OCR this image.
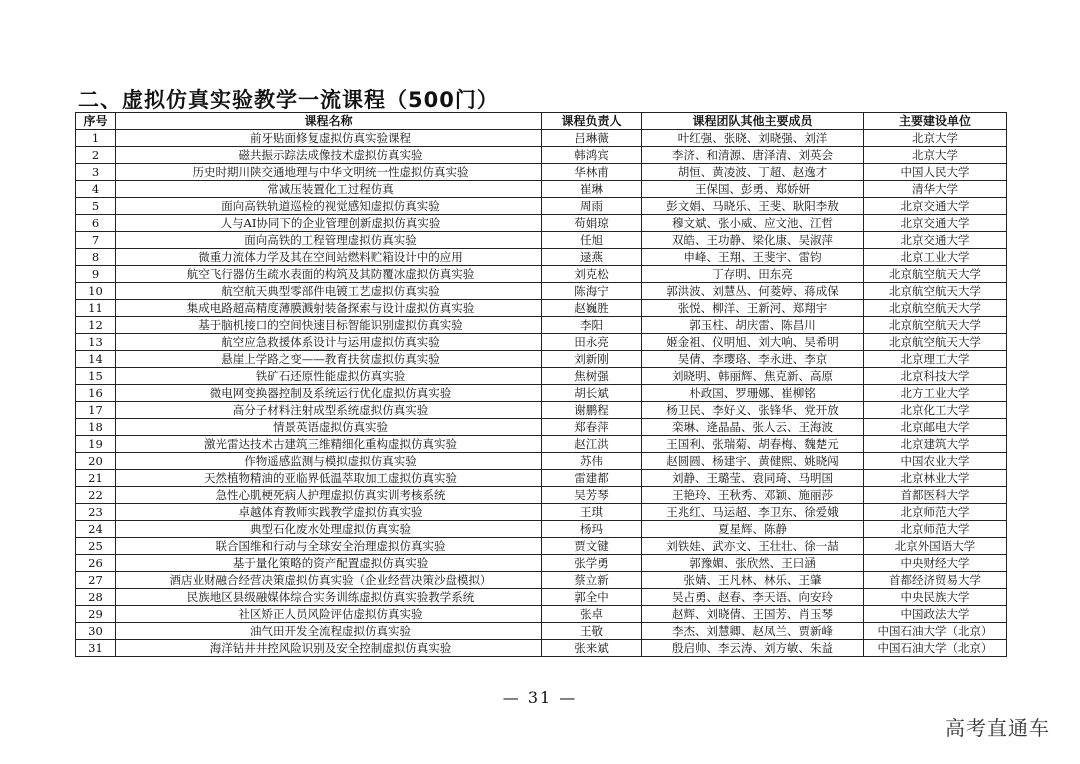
二、虚拟仿真实验教学一流课程（500门）
序号	课程名称	课程负责人	课程团队其他主要成员	主要建设单位
1	前牙贴面修复虚拟仿真实验课程	吕琳薇	叶红强、张晓、刘晓强、刘洋	北京大学
2	磁共振示踪法成像技术虚拟仿真实验	韩鸿宾	李济、和清源、唐泽清、刘英会	北京大学
3	历史时期川陕交通地理与中华文明统一性虚拟仿真实验	华林甫	胡恒、黄凌波、丁超、赵逸才	中国人民大学
4	常减压装置化工过程仿真	崔琳	王保国、彭勇、郑娇妍	清华大学
5	面向高铁轨道巡检的视觉感知虚拟仿真实验	周雨	彭文娟、马晓乐、王斐、耿阳李敖	北京交通大学
6	人与AI协同下的企业管理创新虚拟仿真实验	苟娟琼	穆文斌、张小威、应文池、江哲	北京交通大学
7	面向高铁的工程管理虚拟仿真实验	任旭	双皓、王功静、梁化康、吴淑萍	北京交通大学
8	微重力流体力学及其在空间站燃料贮箱设计中的应用	逯燕	申峰、王翔、王斐宇、雷钧	北京工业大学
9	航空飞行器仿生疏水表面的构筑及其防覆冰虚拟仿真实验	刘克松	丁存明、田东亮	北京航空航天大学
10	航空航天典型零部件电镀工艺虚拟仿真实验	陈海宁	郭洪波、刘慧丛、何菱婷、蒋成保	北京航空航天大学
11	集成电路超高精度薄膜溅射装备探索与设计虚拟仿真实验	赵巍胜	张悦、柳洋、王新河、郑翔宇	北京航空航天大学
12	基于脑机接口的空间快速目标智能识别虚拟仿真实验	李阳	郭玉柱、胡庆雷、陈昌川	北京航空航天大学
13	航空应急救援体系设计与运用虚拟仿真实验	田永亮	姬金祖、仪明旭、刘大响、吴希明	北京航空航天大学
14	悬崖上学路之变——教育扶贫虚拟仿真实验	刘新刚	吴倩、李璎珞、李永进、李京	北京理工大学
15	铁矿石还原性能虚拟仿真实验	焦树强	刘晓明、韩丽辉、焦克新、高原	北京科技大学
16	微电网变换器控制及系统运行优化虚拟仿真实验	胡长斌	朴政国、罗珊娜、崔柳铭	北方工业大学
17	高分子材料注射成型系统虚拟仿真实验	谢鹏程	杨卫民、李好义、张锋华、党开放	北京化工大学
18	情景英语虚拟仿真实验	郑春萍	栾琳、逄晶晶、张人云、王海波	北京邮电大学
19	激光雷达技术古建筑三维精细化重构虚拟仿真实验	赵江洪	王国利、张瑞菊、胡春梅、魏楚元	北京建筑大学
20	作物遥感监测与模拟虚拟仿真实验	苏伟	赵圆圆、杨建宇、黄健熙、姚晓闯	中国农业大学
21	天然植物精油的亚临界低温萃取加工虚拟仿真实验	雷建都	刘静、王璐莹、袁同琦、马明国	北京林业大学
22	急性心肌梗死病人护理虚拟仿真实训考核系统	吴芳琴	王艳玲、王秋秀、邓颖、施丽莎	首都医科大学
23	卓越体育教师实践教学虚拟仿真实验	王琪	王兆红、马运超、李卫东、徐爱娥	北京师范大学
24	典型石化废水处理虚拟仿真实验	杨玛	夏星辉、陈静	北京师范大学
25	联合国维和行动与全球安全治理虚拟仿真实验	贾文键	刘铁娃、武亦文、王壮壮、徐一喆	北京外国语大学
26	基于量化策略的资产配置虚拟仿真实验	张学勇	郭豫媚、张欣然、王曰涵	中央财经大学
27	酒店业财融合经营决策虚拟仿真实验（企业经营决策沙盘模拟）	蔡立新	张婧、王凡林、林乐、王肇	首都经济贸易大学
28	民族地区县级融媒体综合实务训练虚拟仿真实验教学系统	郭全中	吴占勇、赵春、李天语、向安玲	中央民族大学
29	社区矫正人员风险评估虚拟仿真实验	张卓	赵辉、刘晓倩、王国芳、肖玉琴	中国政法大学
30	油气田开发全流程虚拟仿真实验	王敬	李杰、刘慧卿、赵凤兰、贾新峰	中国石油大学（北京）
31	海洋钻井井控风险识别及安全控制虚拟仿真实验	张来斌	殷启帅、李云涛、刘方敏、朱益	中国石油大学（北京）
— 31 —
高考直通车
